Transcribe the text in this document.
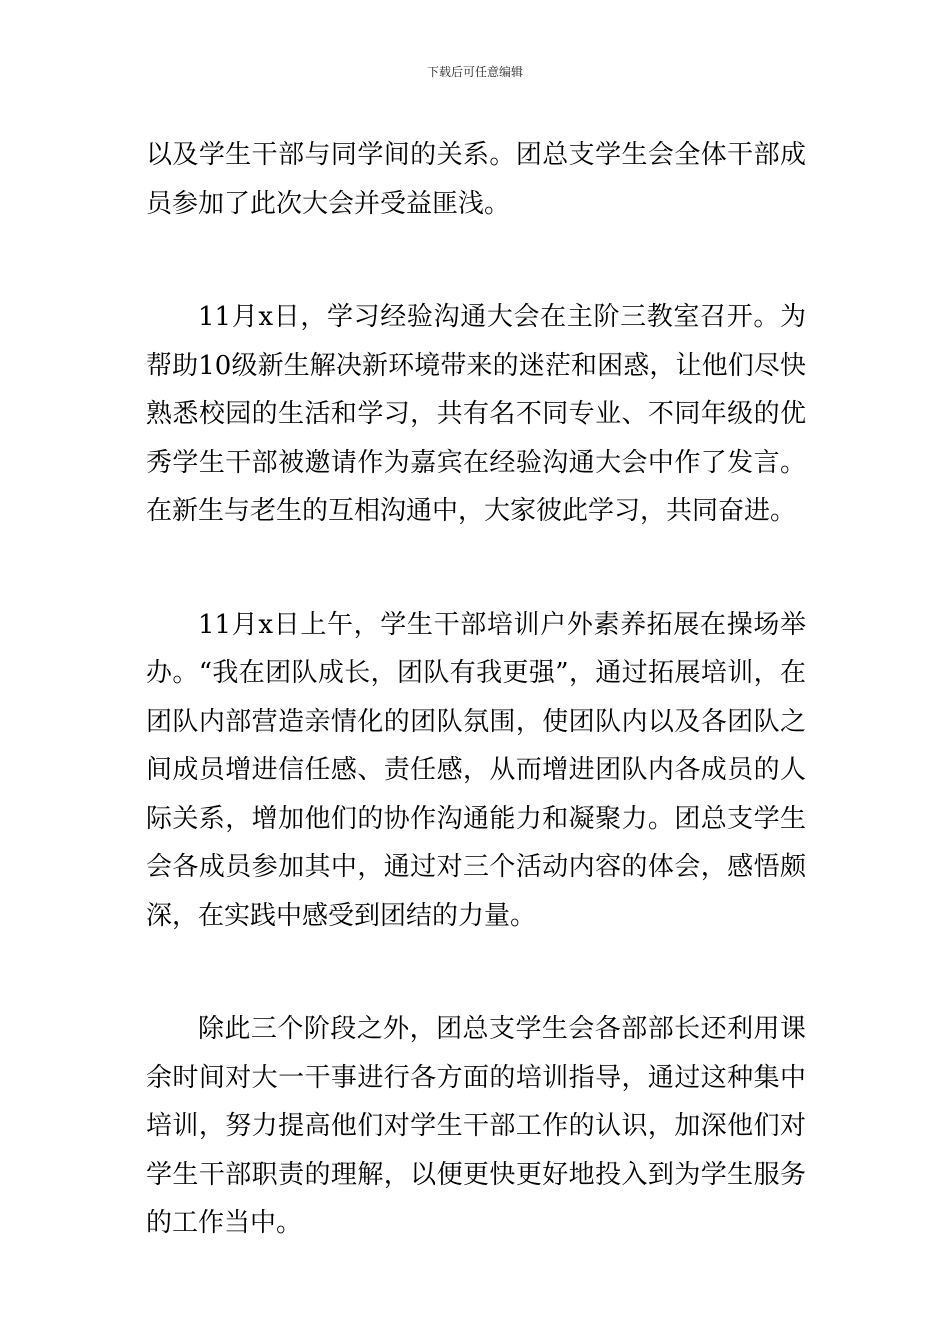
下载后可任意编辑

以及学生干部与同学间的关系。团总支学生会全体干部成员参加了此次大会并受益匪浅。

11月x日，学习经验沟通大会在主阶三教室召开。为帮助10级新生解决新环境带来的迷茫和困惑，让他们尽快熟悉校园的生活和学习，共有名不同专业、不同年级的优秀学生干部被邀请作为嘉宾在经验沟通大会中作了发言。在新生与老生的互相沟通中，大家彼此学习，共同奋进。

11月x日上午，学生干部培训户外素养拓展在操场举办。“我在团队成长，团队有我更强”，通过拓展培训，在团队内部营造亲情化的团队氛围，使团队内以及各团队之间成员增进信任感、责任感，从而增进团队内各成员的人际关系，增加他们的协作沟通能力和凝聚力。团总支学生会各成员参加其中，通过对三个活动内容的体会，感悟颇深，在实践中感受到团结的力量。

除此三个阶段之外，团总支学生会各部部长还利用课余时间对大一干事进行各方面的培训指导，通过这种集中培训，努力提高他们对学生干部工作的认识，加深他们对学生干部职责的理解，以便更快更好地投入到为学生服务的工作当中。
